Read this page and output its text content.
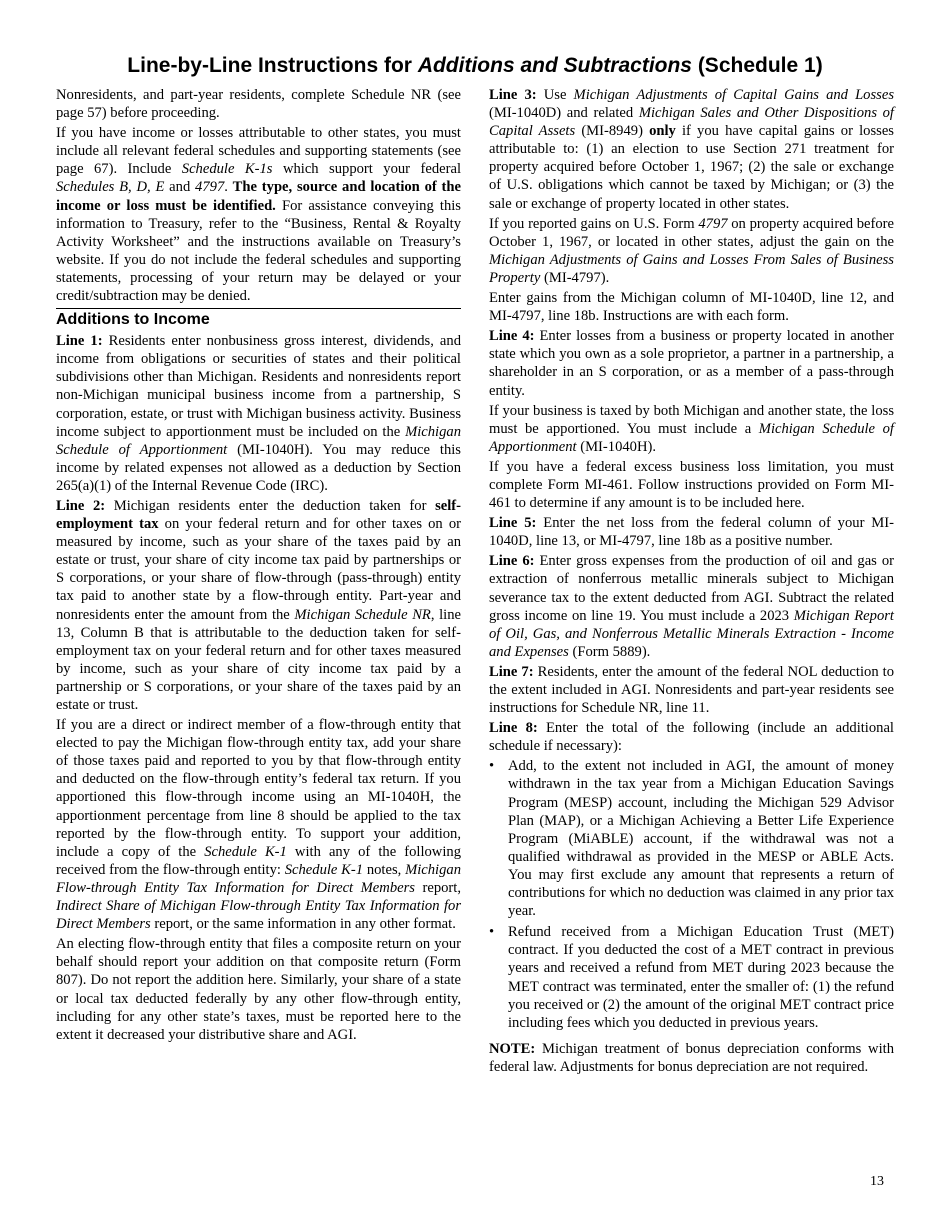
Line-by-Line Instructions for Additions and Subtractions (Schedule 1)

Nonresidents, and part-year residents, complete Schedule NR (see page 57) before proceeding.

If you have income or losses attributable to other states, you must include all relevant federal schedules and supporting statements (see page 67). Include Schedule K-1s which support your federal Schedules B, D, E and 4797. The type, source and location of the income or loss must be identified. For assistance conveying this information to Treasury, refer to the “Business, Rental & Royalty Activity Worksheet” and the instructions available on Treasury’s website. If you do not include the federal schedules and supporting statements, processing of your return may be delayed or your credit/subtraction may be denied.

Additions to Income

Line 1: Residents enter nonbusiness gross interest, dividends, and income from obligations or securities of states and their political subdivisions other than Michigan. Residents and nonresidents report non-Michigan municipal business income from a partnership, S corporation, estate, or trust with Michigan business activity. Business income subject to apportionment must be included on the Michigan Schedule of Apportionment (MI-1040H). You may reduce this income by related expenses not allowed as a deduction by Section 265(a)(1) of the Internal Revenue Code (IRC).

Line 2: Michigan residents enter the deduction taken for self-employment tax on your federal return and for other taxes on or measured by income, such as your share of the taxes paid by an estate or trust, your share of city income tax paid by partnerships or S corporations, or your share of flow-through (pass-through) entity tax paid to another state by a flow-through entity. Part-year and nonresidents enter the amount from the Michigan Schedule NR, line 13, Column B that is attributable to the deduction taken for self-employment tax on your federal return and for other taxes measured by income, such as your share of city income tax paid by a partnership or S corporations, or your share of the taxes paid by an estate or trust.

If you are a direct or indirect member of a flow-through entity that elected to pay the Michigan flow-through entity tax, add your share of those taxes paid and reported to you by that flow-through entity and deducted on the flow-through entity’s federal tax return. If you apportioned this flow-through income using an MI-1040H, the apportionment percentage from line 8 should be applied to the tax reported by the flow-through entity. To support your addition, include a copy of the Schedule K-1 with any of the following received from the flow-through entity: Schedule K-1 notes, Michigan Flow-through Entity Tax Information for Direct Members report, Indirect Share of Michigan Flow-through Entity Tax Information for Direct Members report, or the same information in any other format.

An electing flow-through entity that files a composite return on your behalf should report your addition on that composite return (Form 807). Do not report the addition here. Similarly, your share of a state or local tax deducted federally by any other flow-through entity, including for any other state’s taxes, must be reported here to the extent it decreased your distributive share and AGI.

Line 3: Use Michigan Adjustments of Capital Gains and Losses (MI-1040D) and related Michigan Sales and Other Dispositions of Capital Assets (MI-8949) only if you have capital gains or losses attributable to: (1) an election to use Section 271 treatment for property acquired before October 1, 1967; (2) the sale or exchange of U.S. obligations which cannot be taxed by Michigan; or (3) the sale or exchange of property located in other states.

If you reported gains on U.S. Form 4797 on property acquired before October 1, 1967, or located in other states, adjust the gain on the Michigan Adjustments of Gains and Losses From Sales of Business Property (MI-4797).

Enter gains from the Michigan column of MI-1040D, line 12, and MI-4797, line 18b. Instructions are with each form.

Line 4: Enter losses from a business or property located in another state which you own as a sole proprietor, a partner in a partnership, a shareholder in an S corporation, or as a member of a pass-through entity.

If your business is taxed by both Michigan and another state, the loss must be apportioned. You must include a Michigan Schedule of Apportionment (MI-1040H).

If you have a federal excess business loss limitation, you must complete Form MI-461. Follow instructions provided on Form MI-461 to determine if any amount is to be included here.

Line 5: Enter the net loss from the federal column of your MI-1040D, line 13, or MI-4797, line 18b as a positive number.

Line 6: Enter gross expenses from the production of oil and gas or extraction of nonferrous metallic minerals subject to Michigan severance tax to the extent deducted from AGI. Subtract the related gross income on line 19. You must include a 2023 Michigan Report of Oil, Gas, and Nonferrous Metallic Minerals Extraction - Income and Expenses (Form 5889).

Line 7: Residents, enter the amount of the federal NOL deduction to the extent included in AGI. Nonresidents and part-year residents see instructions for Schedule NR, line 11.

Line 8: Enter the total of the following (include an additional schedule if necessary):

• Add, to the extent not included in AGI, the amount of money withdrawn in the tax year from a Michigan Education Savings Program (MESP) account, including the Michigan 529 Advisor Plan (MAP), or a Michigan Achieving a Better Life Experience Program (MiABLE) account, if the withdrawal was not a qualified withdrawal as provided in the MESP or ABLE Acts. You may first exclude any amount that represents a return of contributions for which no deduction was claimed in any prior tax year.
• Refund received from a Michigan Education Trust (MET) contract. If you deducted the cost of a MET contract in previous years and received a refund from MET during 2023 because the MET contract was terminated, enter the smaller of: (1) the refund you received or (2) the amount of the original MET contract price including fees which you deducted in previous years.

NOTE: Michigan treatment of bonus depreciation conforms with federal law. Adjustments for bonus depreciation are not required.

13
